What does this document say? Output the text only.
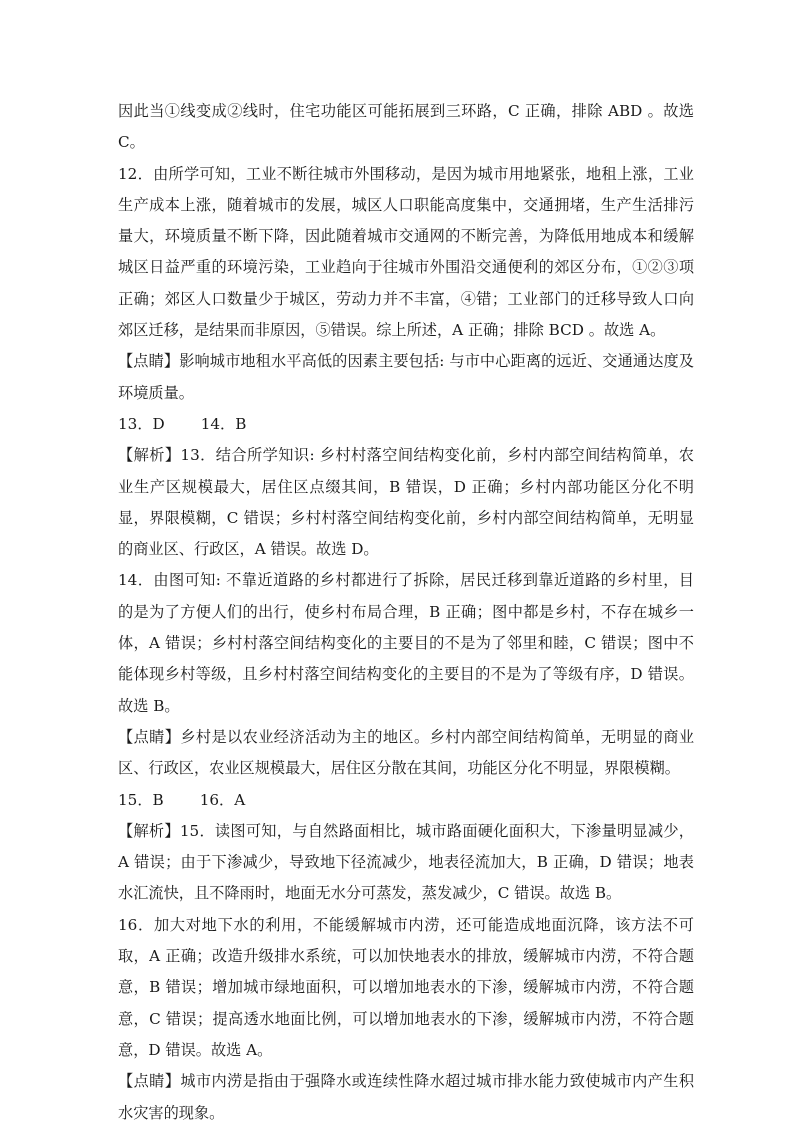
因此当①线变成②线时，住宅功能区可能拓展到三环路，C 正确，排除 ABD 。故选 C。

12．由所学可知，工业不断往城市外围移动，是因为城市用地紧张，地租上涨，工业生产成本上涨，随着城市的发展，城区人口职能高度集中，交通拥堵，生产生活排污量大，环境质量不断下降，因此随着城市交通网的不断完善，为降低用地成本和缓解城区日益严重的环境污染，工业趋向于往城市外围沿交通便利的郊区分布，①②③项正确；郊区人口数量少于城区，劳动力并不丰富，④错；工业部门的迁移导致人口向郊区迁移，是结果而非原因，⑤错误。综上所述，A 正确；排除 BCD 。故选 A。

【点睛】影响城市地租水平高低的因素主要包括: 与市中心距离的远近、交通通达度及环境质量。

13．D 14．B

【解析】13．结合所学知识: 乡村村落空间结构变化前，乡村内部空间结构简单，农业生产区规模最大，居住区点缀其间，B 错误，D 正确；乡村内部功能区分化不明显，界限模糊，C 错误；乡村村落空间结构变化前，乡村内部空间结构简单，无明显的商业区、行政区，A 错误。故选 D。

14．由图可知: 不靠近道路的乡村都进行了拆除，居民迁移到靠近道路的乡村里，目的是为了方便人们的出行，使乡村布局合理，B 正确；图中都是乡村，不存在城乡一体，A 错误；乡村村落空间结构变化的主要目的不是为了邻里和睦，C 错误；图中不能体现乡村等级，且乡村村落空间结构变化的主要目的不是为了等级有序，D 错误。故选 B。

【点睛】乡村是以农业经济活动为主的地区。乡村内部空间结构简单，无明显的商业区、行政区，农业区规模最大，居住区分散在其间，功能区分化不明显，界限模糊。

15．B 16．A

【解析】15．读图可知，与自然路面相比，城市路面硬化面积大，下渗量明显减少，A 错误；由于下渗减少，导致地下径流减少，地表径流加大，B 正确，D 错误；地表水汇流快，且不降雨时，地面无水分可蒸发，蒸发减少，C 错误。故选 B。

16．加大对地下水的利用，不能缓解城市内涝，还可能造成地面沉降，该方法不可取，A 正确；改造升级排水系统，可以加快地表水的排放，缓解城市内涝，不符合题意，B 错误；增加城市绿地面积，可以增加地表水的下渗，缓解城市内涝，不符合题意，C 错误；提高透水地面比例，可以增加地表水的下渗，缓解城市内涝，不符合题意，D 错误。故选 A。

【点睛】城市内涝是指由于强降水或连续性降水超过城市排水能力致使城市内产生积水灾害的现象。
